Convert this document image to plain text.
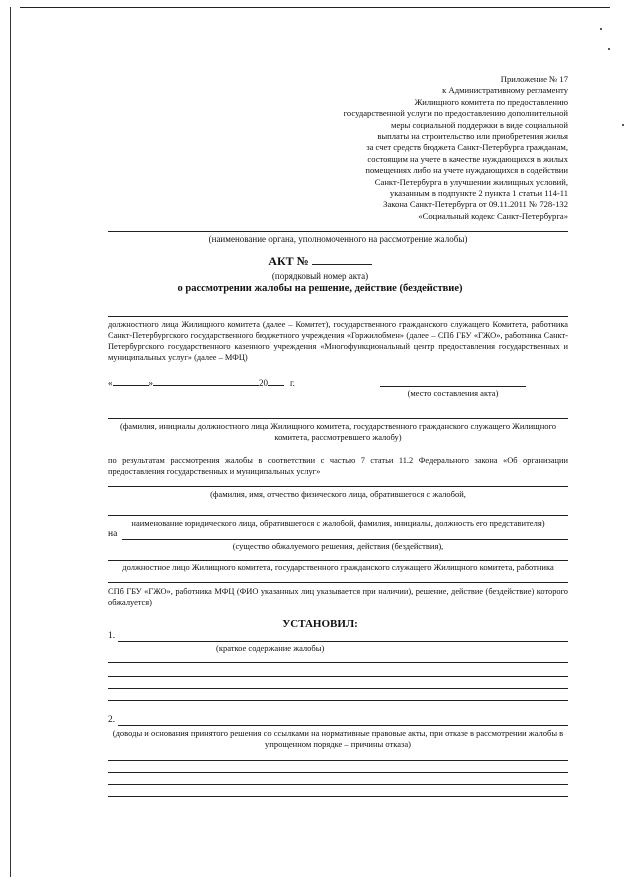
Приложение № 17
к Административному регламенту
Жилищного комитета по предоставлению
государственной услуги по предоставлению дополнительной
меры социальной поддержки в виде социальной
выплаты на строительство или приобретения жилья
за счет средств бюджета Санкт-Петербурга гражданам,
состоящим на учете в качестве нуждающихся в жилых
помещениях либо на учете нуждающихся в содействии
Санкт-Петербурга в улучшении жилищных условий,
указанным в подпункте 2 пункта 1 статьи 114-11
Закона Санкт-Петербурга от 09.11.2011 № 728-132
«Социальный кодекс Санкт-Петербурга»
(наименование органа, уполномоченного на рассмотрение жалобы)
АКТ №
(порядковый номер акта)
о рассмотрении жалобы на решение, действие (бездействие)
должностного лица Жилищного комитета (далее – Комитет), государственного гражданского служащего Комитета, работника Санкт-Петербургского государственного бюджетного учреждения «Горжилобмен» (далее – СПб ГБУ «ГЖО», работника Санкт-Петербургского государственного казенного учреждения «Многофункциональный центр предоставления государственных и муниципальных услуг» (далее – МФЦ)
«	»	20 г.
(место составления акта)
(фамилия, инициалы должностного лица Жилищного комитета, государственного гражданского служащего Жилищного комитета, рассмотревшего жалобу)
по результатам рассмотрения жалобы в соответствии с частью 7 статьи 11.2 Федерального закона «Об организации предоставления государственных и муниципальных услуг»
(фамилия, имя, отчество физического лица, обратившегося с жалобой,
наименование юридического лица, обратившегося с жалобой, фамилия, инициалы, должность его представителя)
на
(существо обжалуемого решения, действия (бездействия),
должностное лицо Жилищного комитета, государственного гражданского служащего Жилищного комитета, работника
СПб ГБУ «ГЖО», работника МФЦ (ФИО указанных лиц указывается при наличии), решение, действие (бездействие) которого обжалуется)
УСТАНОВИЛ:
1.
(краткое содержание жалобы)
2.
(доводы и основания принятого решения со ссылками на нормативные правовые акты, при отказе в рассмотрении жалобы в упрощенном порядке – причины отказа)
